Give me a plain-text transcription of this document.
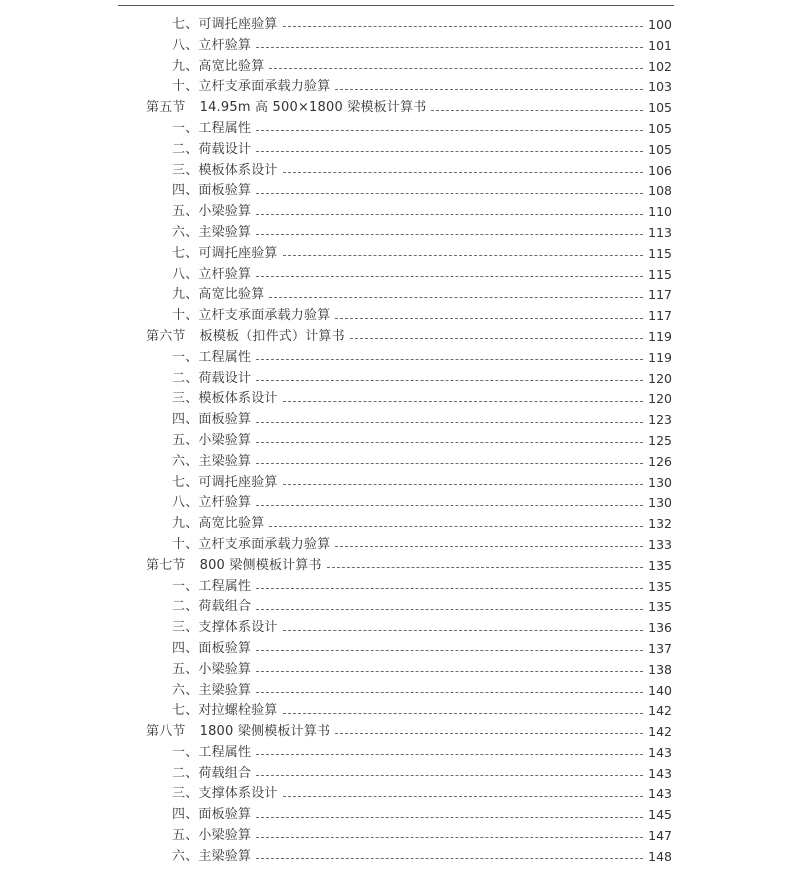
七、可调托座验算	100
八、立杆验算	101
九、高宽比验算	102
十、立杆支承面承载力验算	103
第五节 14.95m 高 500×1800 梁模板计算书	105
一、工程属性	105
二、荷载设计	105
三、模板体系设计	106
四、面板验算	108
五、小梁验算	110
六、主梁验算	113
七、可调托座验算	115
八、立杆验算	115
九、高宽比验算	117
十、立杆支承面承载力验算	117
第六节 板模板（扣件式）计算书	119
一、工程属性	119
二、荷载设计	120
三、模板体系设计	120
四、面板验算	123
五、小梁验算	125
六、主梁验算	126
七、可调托座验算	130
八、立杆验算	130
九、高宽比验算	132
十、立杆支承面承载力验算	133
第七节 800 梁侧模板计算书	135
一、工程属性	135
二、荷载组合	135
三、支撑体系设计	136
四、面板验算	137
五、小梁验算	138
六、主梁验算	140
七、对拉螺栓验算	142
第八节 1800 梁侧模板计算书	142
一、工程属性	143
二、荷载组合	143
三、支撑体系设计	143
四、面板验算	145
五、小梁验算	147
六、主梁验算	148
